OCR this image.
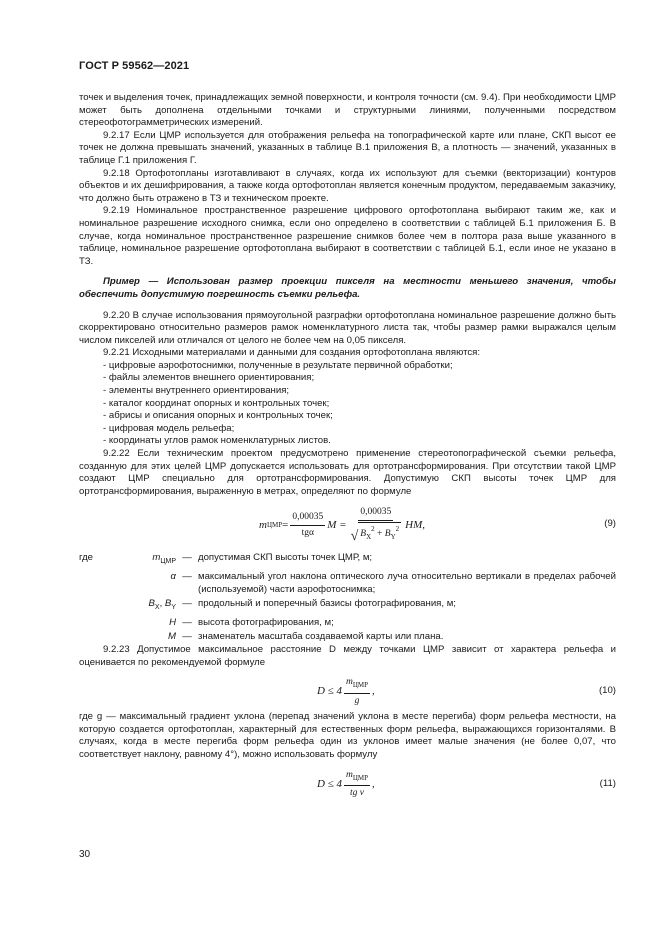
ГОСТ Р 59562—2021

точек и выделения точек, принадлежащих земной поверхности, и контроля точности (см. 9.4). При необходимости ЦМР может быть дополнена отдельными точками и структурными линиями, полученными посредством стереофотограмметрических измерений.

9.2.17 Если ЦМР используется для отображения рельефа на топографической карте или плане, СКП высот ее точек не должна превышать значений, указанных в таблице В.1 приложения В, а плотность — значений, указанных в таблице Г.1 приложения Г.

9.2.18 Ортофотопланы изготавливают в случаях, когда их используют для съемки (векторизации) контуров объектов и их дешифрирования, а также когда ортофотоплан является конечным продуктом, передаваемым заказчику, что должно быть отражено в ТЗ и техническом проекте.

9.2.19 Номинальное пространственное разрешение цифрового ортофотоплана выбирают таким же, как и номинальное разрешение исходного снимка, если оно определено в соответствии с таблицей Б.1 приложения Б. В случае, когда номинальное пространственное разрешение снимков более чем в полтора раза выше указанного в таблице, номинальное разрешение ортофотоплана выбирают в соответствии с таблицей Б.1, если иное не указано в ТЗ.

Пример — Использован размер проекции пикселя на местности меньшего значения, чтобы обеспечить допустимую погрешность съемки рельефа.

9.2.20 В случае использования прямоугольной разграфки ортофотоплана номинальное разрешение должно быть скорректировано относительно размеров рамок номенклатурного листа так, чтобы размер рамки выражался целым числом пикселей или отличался от целого не более чем на 0,05 пикселя.

9.2.21 Исходными материалами и данными для создания ортофотоплана являются:

- цифровые аэрофотоснимки, полученные в результате первичной обработки;

- файлы элементов внешнего ориентирования;

- элементы внутреннего ориентирования;

- каталог координат опорных и контрольных точек;

- абрисы и описания опорных и контрольных точек;

- цифровая модель рельефа;

- координаты углов рамок номенклатурных листов.

9.2.22 Если техническим проектом предусмотрено применение стереотопографической съемки рельефа, созданную для этих целей ЦМР допускается использовать для ортотрансформирования. При отсутствии такой ЦМР создают ЦМР специально для ортотрансформирования. Допустимую СКП высоты точек ЦМР для ортотрансформирования, выраженную в метрах, определяют по формуле

m ЦМР = $\frac{0,00035}{\text{tgα}}$ $M = \frac{0,00035}{√ B_X^2 + B_Y^2}$ HM,	(9)
где	$m_{ЦМР}$ — допустимая СКП высоты точек ЦМР, м;
α — максимальный угол наклона оптического луча относительно вертикали в пределах рабочей (используемой) части аэрофотоснимка;
$B_X$, $B_Y$ — продольный и поперечный базисы фотографирования, м;
H — высота фотографирования, м;
M — знаменатель масштаба создаваемой карты или плана.

9.2.23 Допустимое максимальное расстояние D между точками ЦМР зависит от характера рельефа и оценивается по рекомендуемой формуле

$D \le 4 \frac{m_{ЦМР}}{g}$ ,	(10)

где g — максимальный градиент уклона (перепад значений уклона в месте перегиба) форм рельефа местности, на которую создается ортофотоплан, характерный для естественных форм рельефа, выражающихся горизонталями. В случаях, когда в месте перегиба форм рельефа один из уклонов имеет малые значения (не более 0,07, что соответствует наклону, равному 4°), можно использовать формулу

$D \le 4 \frac{m_{ЦМР}}{\text{tg ν}}$ ,	(11)
30
